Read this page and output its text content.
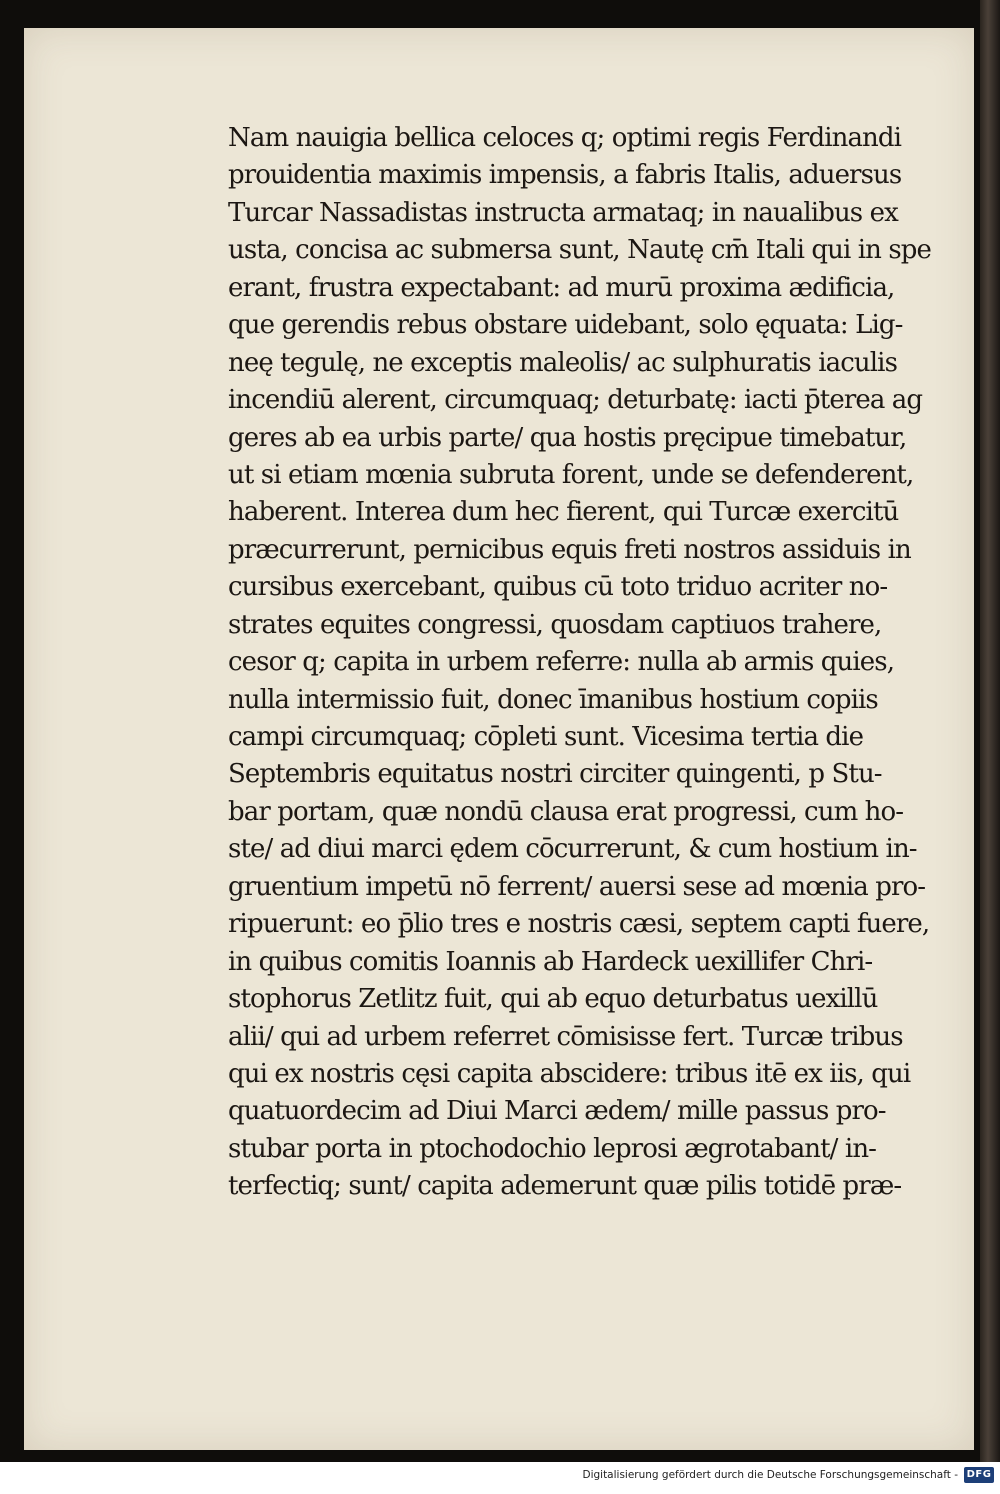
Nam nauigia bellica celoces q; optimi regis Ferdinandi
prouidentia maximis impensis, a fabris Italis, aduersus
Turcar Nassadistas instructa armataq; in naualibus ex
usta, concisa ac submersa sunt, Nautę cm̄ Itali qui in spe
erant, frustra expectabant: ad murū proxima ædificia,
que gerendis rebus obstare uidebant, solo ęquata: Lig-
neę tegulę, ne exceptis maleolis/ ac sulphuratis iaculis
incendiū alerent, circumquaq; deturbatę: iacti p̄terea ag
geres ab ea urbis parte/ qua hostis pręcipue timebatur,
ut si etiam mœnia subruta forent, unde se defenderent,
haberent. Interea dum hec fierent, qui Turcæ exercitū
præcurrerunt, pernicibus equis freti nostros assiduis in
cursibus exercebant, quibus cū toto triduo acriter no-
strates equites congressi, quosdam captiuos trahere,
cesor q; capita in urbem referre: nulla ab armis quies,
nulla intermissio fuit, donec īmanibus hostium copiis
campi circumquaq; cōpleti sunt. Vicesima tertia die
Septembris equitatus nostri circiter quingenti, p Stu-
bar portam, quæ nondū clausa erat progressi, cum ho-
ste/ ad diui marci ędem cōcurrerunt, & cum hostium in-
gruentium impetū nō ferrent/ auersi sese ad mœnia pro-
ripuerunt: eo p̄lio tres e nostris cæsi, septem capti fuere,
in quibus comitis Ioannis ab Hardeck uexillifer Chri-
stophorus Zetlitz fuit, qui ab equo deturbatus uexillū
alii/ qui ad urbem referret cōmisisse fert. Turcæ tribus
qui ex nostris cęsi capita abscidere: tribus itē ex iis, qui
quatuordecim ad Diui Marci ædem/ mille passus pro-
stubar porta in ptochodochio leprosi ægrotabant/ in-
terfectiq; sunt/ capita ademerunt quæ pilis totidē præ-
Digitalisierung gefördert durch die Deutsche Forschungsgemeinschaft - DFG
